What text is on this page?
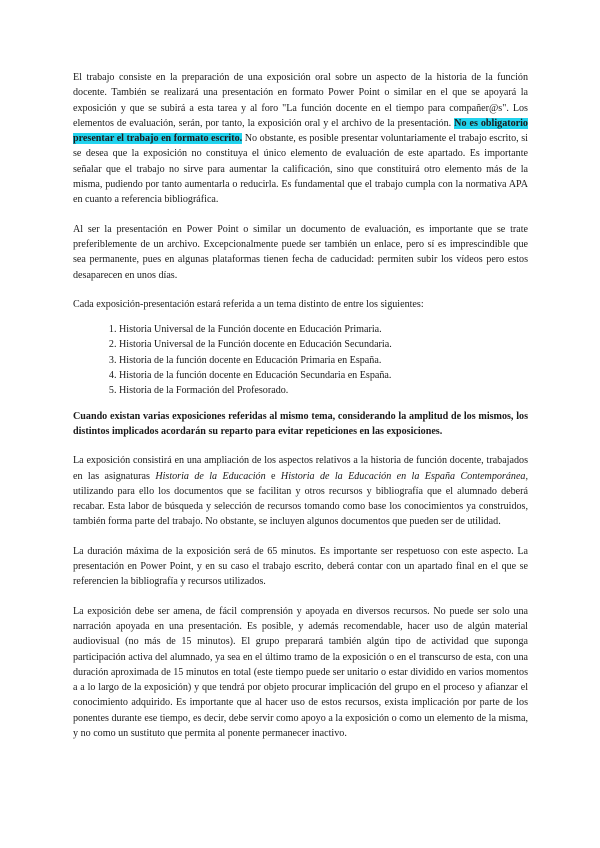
El trabajo consiste en la preparación de una exposición oral sobre un aspecto de la historia de la función docente. También se realizará una presentación en formato Power Point o similar en el que se apoyará la exposición y que se subirá a esta tarea y al foro "La función docente en el tiempo para compañer@s". Los elementos de evaluación, serán, por tanto, la exposición oral y el archivo de la presentación. No es obligatorio presentar el trabajo en formato escrito. No obstante, es posible presentar voluntariamente el trabajo escrito, si se desea que la exposición no constituya el único elemento de evaluación de este apartado. Es importante señalar que el trabajo no sirve para aumentar la calificación, sino que constituirá otro elemento más de la misma, pudiendo por tanto aumentarla o reducirla. Es fundamental que el trabajo cumpla con la normativa APA en cuanto a referencia bibliográfica.

Al ser la presentación en Power Point o similar un documento de evaluación, es importante que se trate preferiblemente de un archivo. Excepcionalmente puede ser también un enlace, pero sí es imprescindible que sea permanente, pues en algunas plataformas tienen fecha de caducidad: permiten subir los vídeos pero estos desaparecen en unos días.

Cada exposición-presentación estará referida a un tema distinto de entre los siguientes:

1. Historia Universal de la Función docente en Educación Primaria.
2. Historia Universal de la Función docente en Educación Secundaria.
3. Historia de la función docente en Educación Primaria en España.
4. Historia de la función docente en Educación Secundaria en España.
5. Historia de la Formación del Profesorado.

Cuando existan varias exposiciones referidas al mismo tema, considerando la amplitud de los mismos, los distintos implicados acordarán su reparto para evitar repeticiones en las exposiciones.

La exposición consistirá en una ampliación de los aspectos relativos a la historia de función docente, trabajados en las asignaturas Historia de la Educación e Historia de la Educación en la España Contemporánea, utilizando para ello los documentos que se facilitan y otros recursos y bibliografía que el alumnado deberá recabar. Esta labor de búsqueda y selección de recursos tomando como base los conocimientos ya construidos, también forma parte del trabajo. No obstante, se incluyen algunos documentos que pueden ser de utilidad.

La duración máxima de la exposición será de 65 minutos. Es importante ser respetuoso con este aspecto. La presentación en Power Point, y en su caso el trabajo escrito, deberá contar con un apartado final en el que se referencien la bibliografía y recursos utilizados.

La exposición debe ser amena, de fácil comprensión y apoyada en diversos recursos. No puede ser solo una narración apoyada en una presentación. Es posible, y además recomendable, hacer uso de algún material audiovisual (no más de 15 minutos). El grupo preparará también algún tipo de actividad que suponga participación activa del alumnado, ya sea en el último tramo de la exposición o en el transcurso de esta, con una duración aproximada de 15 minutos en total (este tiempo puede ser unitario o estar dividido en varios momentos a a lo largo de la exposición) y que tendrá por objeto procurar implicación del grupo en el proceso y afianzar el conocimiento adquirido. Es importante que al hacer uso de estos recursos, exista implicación por parte de los ponentes durante ese tiempo, es decir, debe servir como apoyo a la exposición o como un elemento de la misma, y no como un sustituto que permita al ponente permanecer inactivo.
